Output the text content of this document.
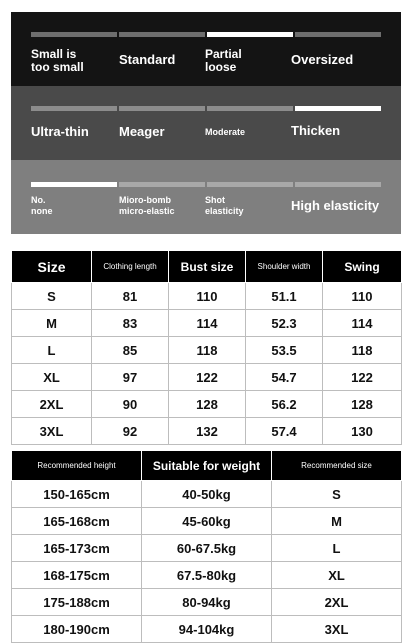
Small is
too small	Standard Partial
loose	Oversized
Ultra-thin Meager	Moderate	Thicken
No.
none
Mioro-bomb
micro-elastic
Shot
elasticity	High elasticity
Size	Clothing length	Bust size	Shoulder width	Swing
S	81	110	51.1	110
M	83	114	52.3	114
L	85	118	53.5	118
XL	97	122	54.7	122
2XL	90	128	56.2	128
3XL	92	132	57.4	130
Recommended height	Suitable for weight	Recommended size
150-165cm	40-50kg	S
165-168cm	45-60kg	M
165-173cm	60-67.5kg	L
168-175cm	67.5-80kg	XL
175-188cm	80-94kg	2XL
180-190cm	94-104kg	3XL
